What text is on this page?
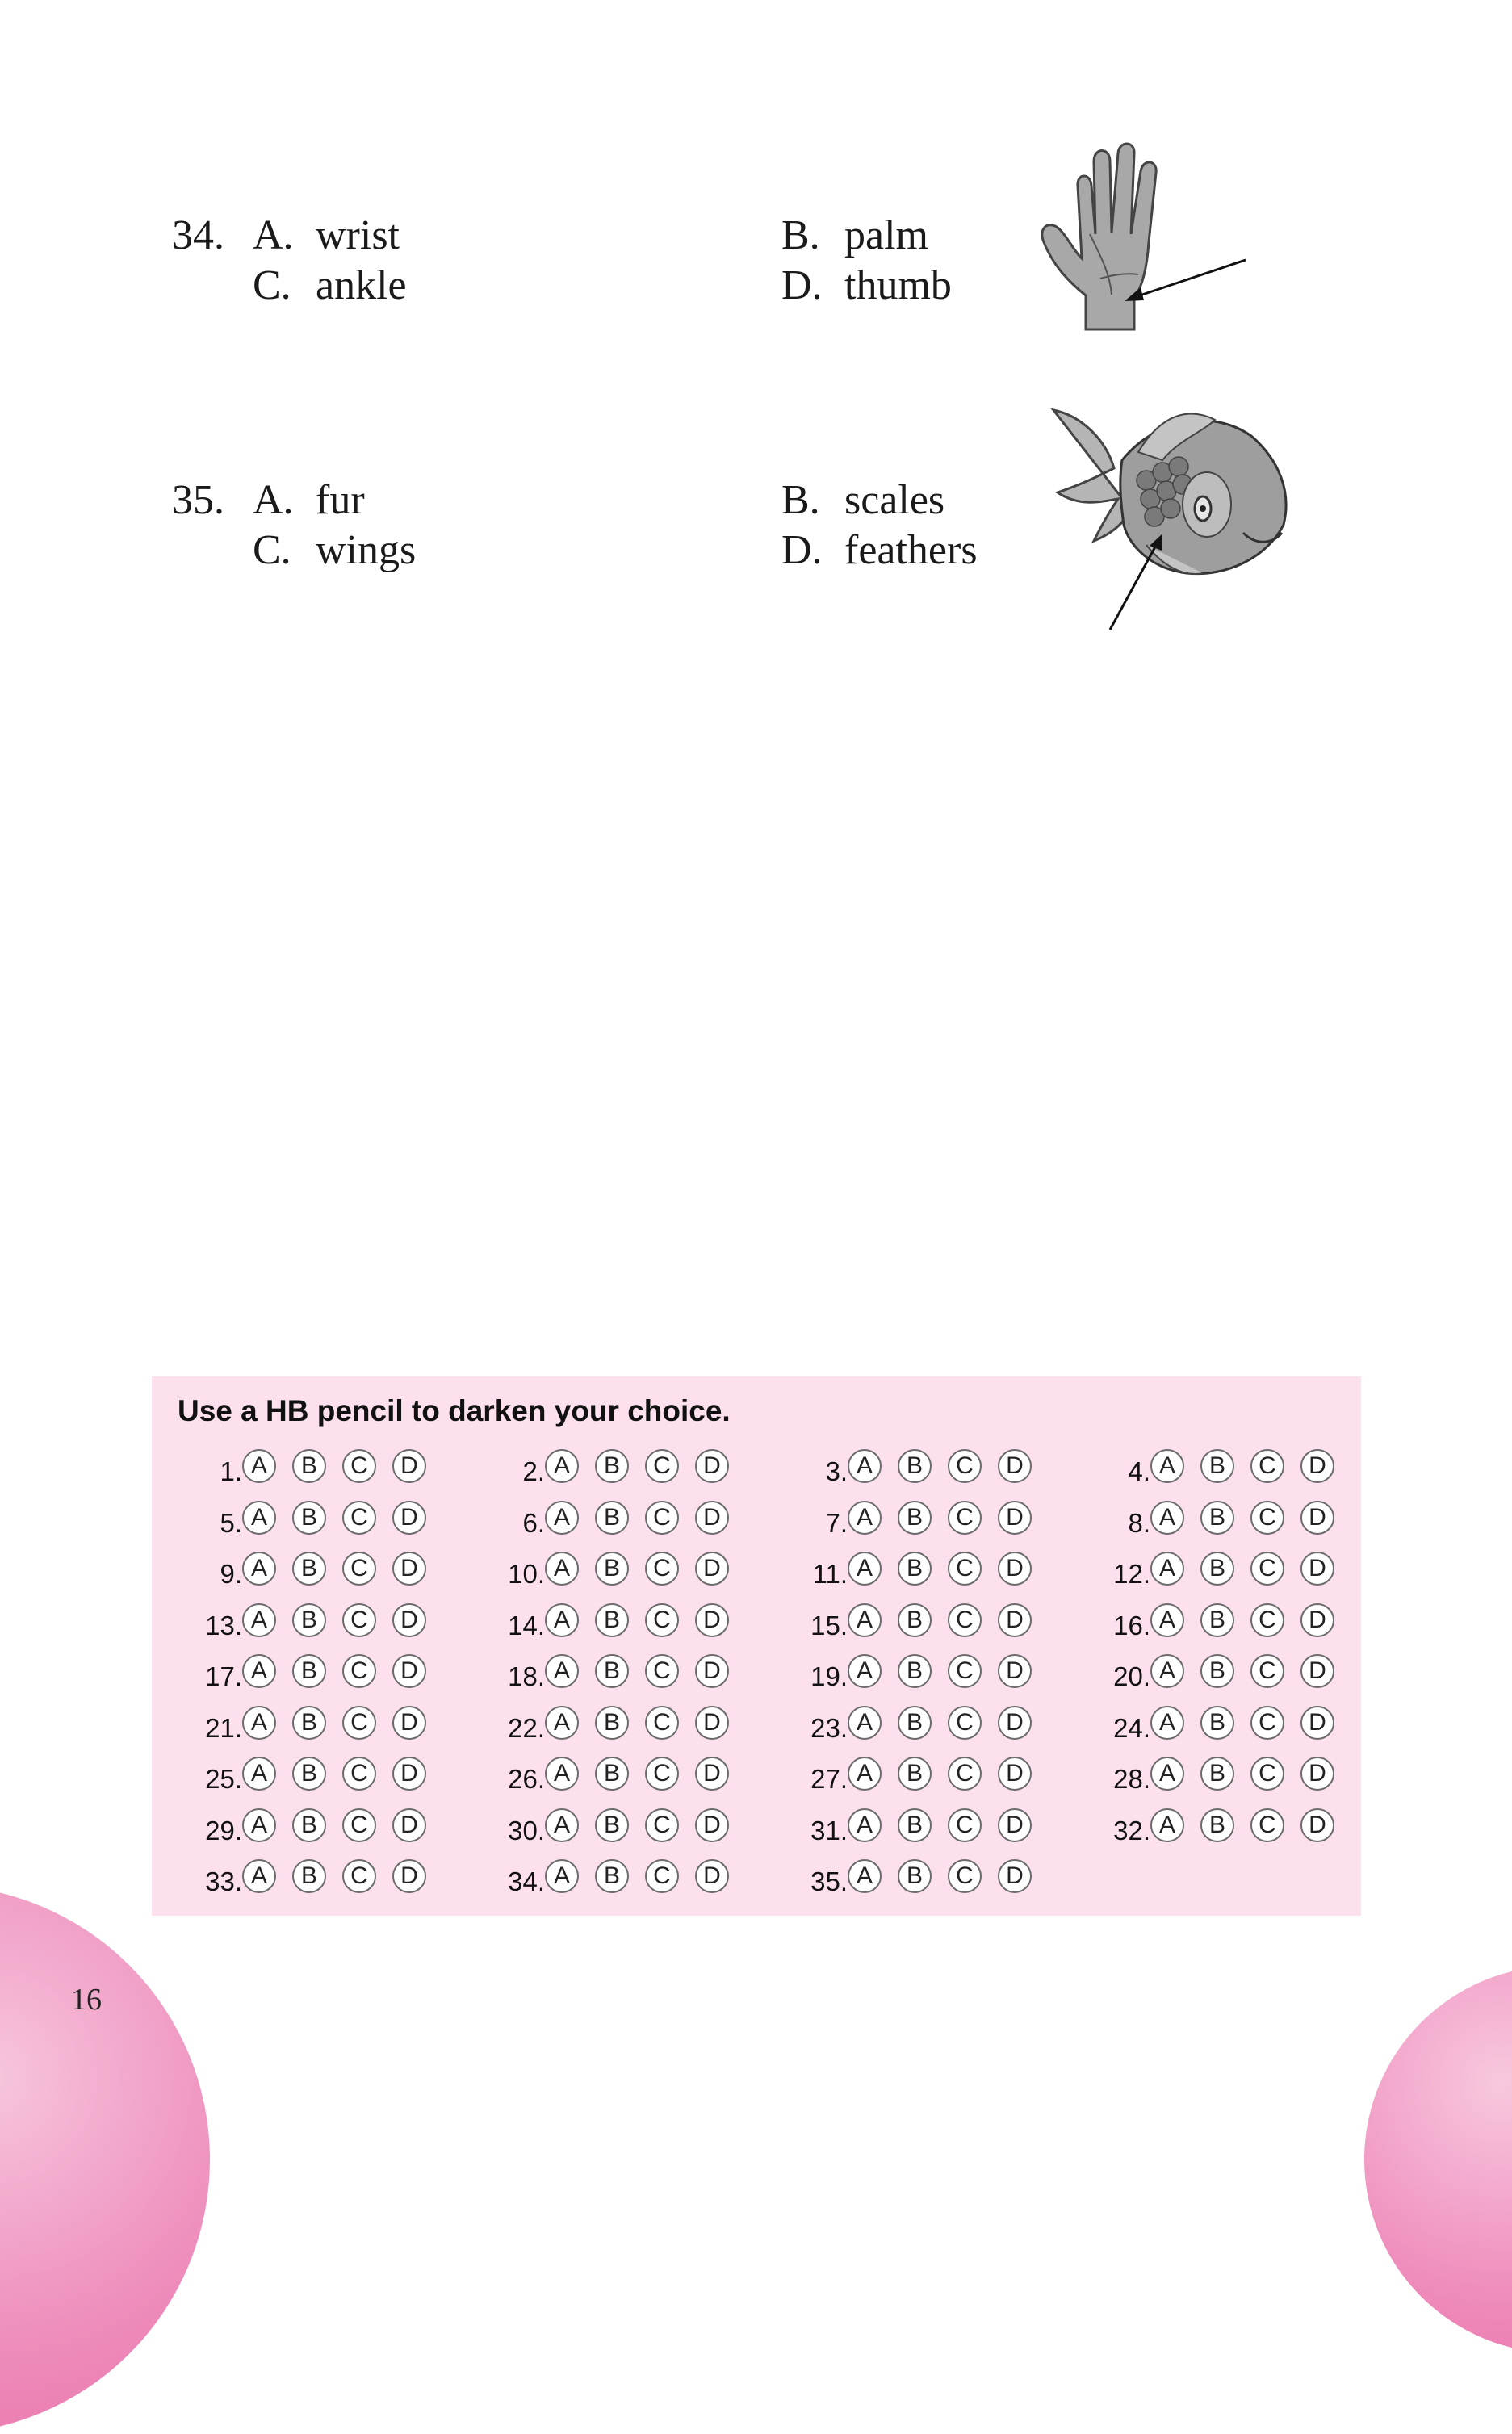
34. A. wrist	B. palm
C. ankle	D. thumb
35. A. fur	B. scales
C. wings	D. feathers
Use a HB pencil to darken your choice.
1. A	B	C	D	2. A	B	C	D	3. A	B	C	D	4. A	B	C	D
5. A	B	C	D	6. A	B	C	D	7. A	B	C	D	8. A	B	C	D
9. A	B	C	D	10. A	B	C	D	11. A	B	C	D	12. A	B	C	D
13. A	B	C	D	14. A	B	C	D	15. A	B	C	D	16. A	B	C	D
17. A	B	C	D	18. A	B	C	D	19. A	B	C	D	20. A	B	C	D
21. A	B	C	D	22. A	B	C	D	23. A	B	C	D	24. A	B	C	D
25. A	B	C	D	26. A	B	C	D	27. A	B	C	D	28. A	B	C	D
29. A	B	C	D	30. A	B	C	D	31. A	B	C	D	32. A	B	C	D
33. A	B	C	D	34. A	B	C	D	35. A	B	C	D
16
